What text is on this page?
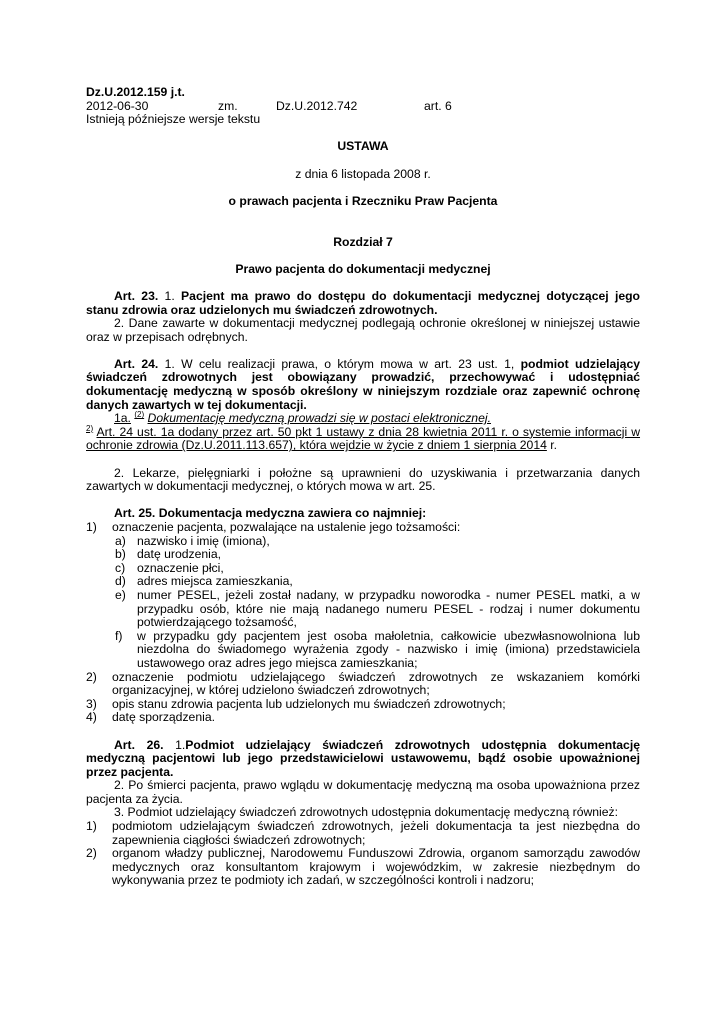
Dz.U.2012.159 j.t.

2012-06-30	zm.	Dz.U.2012.742	art. 6

Istnieją późniejsze wersje tekstu

USTAWA

z dnia 6 listopada 2008 r.

o prawach pacjenta i Rzeczniku Praw Pacjenta

Rozdział 7

Prawo pacjenta do dokumentacji medycznej

Art. 23. 1. Pacjent ma prawo do dostępu do dokumentacji medycznej dotyczącej jego stanu zdrowia oraz udzielonych mu świadczeń zdrowotnych.

2. Dane zawarte w dokumentacji medycznej podlegają ochronie określonej w niniejszej ustawie oraz w przepisach odrębnych.

Art. 24. 1. W celu realizacji prawa, o którym mowa w art. 23 ust. 1, podmiot udzielający świadczeń zdrowotnych jest obowiązany prowadzić, przechowywać i udostępniać dokumentację medyczną w sposób określony w niniejszym rozdziale oraz zapewnić ochronę danych zawartych w tej dokumentacji.

1a. $^{(2)}$ Dokumentację medyczną prowadzi się w postaci elektronicznej.

$^{2)}$ Art. 24 ust. 1a dodany przez art. 50 pkt 1 ustawy z dnia 28 kwietnia 2011 r. o systemie informacji w ochronie zdrowia (Dz.U.2011.113.657), która wejdzie w życie z dniem 1 sierpnia 2014 r.

2. Lekarze, pielęgniarki i położne są uprawnieni do uzyskiwania i przetwarzania danych zawartych w dokumentacji medycznej, o których mowa w art. 25.

Art. 25. Dokumentacja medyczna zawiera co najmniej:

1)	oznaczenie pacjenta, pozwalające na ustalenie jego tożsamości:
a) nazwisko i imię (imiona),
b) datę urodzenia,
c) oznaczenie płci,
d) adres miejsca zamieszkania,
e) numer PESEL, jeżeli został nadany, w przypadku noworodka - numer PESEL matki, a w przypadku osób, które nie mają nadanego numeru PESEL - rodzaj i numer dokumentu potwierdzającego tożsamość,
f)	w przypadku gdy pacjentem jest osoba małoletnia, całkowicie ubezwłasnowolniona lub niezdolna do świadomego wyrażenia zgody - nazwisko i imię (imiona) przedstawiciela ustawowego oraz adres jego miejsca zamieszkania;
2)	oznaczenie podmiotu udzielającego świadczeń zdrowotnych ze wskazaniem komórki organizacyjnej, w której udzielono świadczeń zdrowotnych;
3)	opis stanu zdrowia pacjenta lub udzielonych mu świadczeń zdrowotnych;
4)	datę sporządzenia.

Art. 26. 1.Podmiot udzielający świadczeń zdrowotnych udostępnia dokumentację medyczną pacjentowi lub jego przedstawicielowi ustawowemu, bądź osobie upoważnionej przez pacjenta.

2. Po śmierci pacjenta, prawo wglądu w dokumentację medyczną ma osoba upoważniona przez pacjenta za życia.

3. Podmiot udzielający świadczeń zdrowotnych udostępnia dokumentację medyczną również:

1)	podmiotom udzielającym świadczeń zdrowotnych, jeżeli dokumentacja ta jest niezbędna do zapewnienia ciągłości świadczeń zdrowotnych;
2)	organom władzy publicznej, Narodowemu Funduszowi Zdrowia, organom samorządu zawodów medycznych oraz konsultantom krajowym i wojewódzkim, w zakresie niezbędnym do wykonywania przez te podmioty ich zadań, w szczególności kontroli i nadzoru;
